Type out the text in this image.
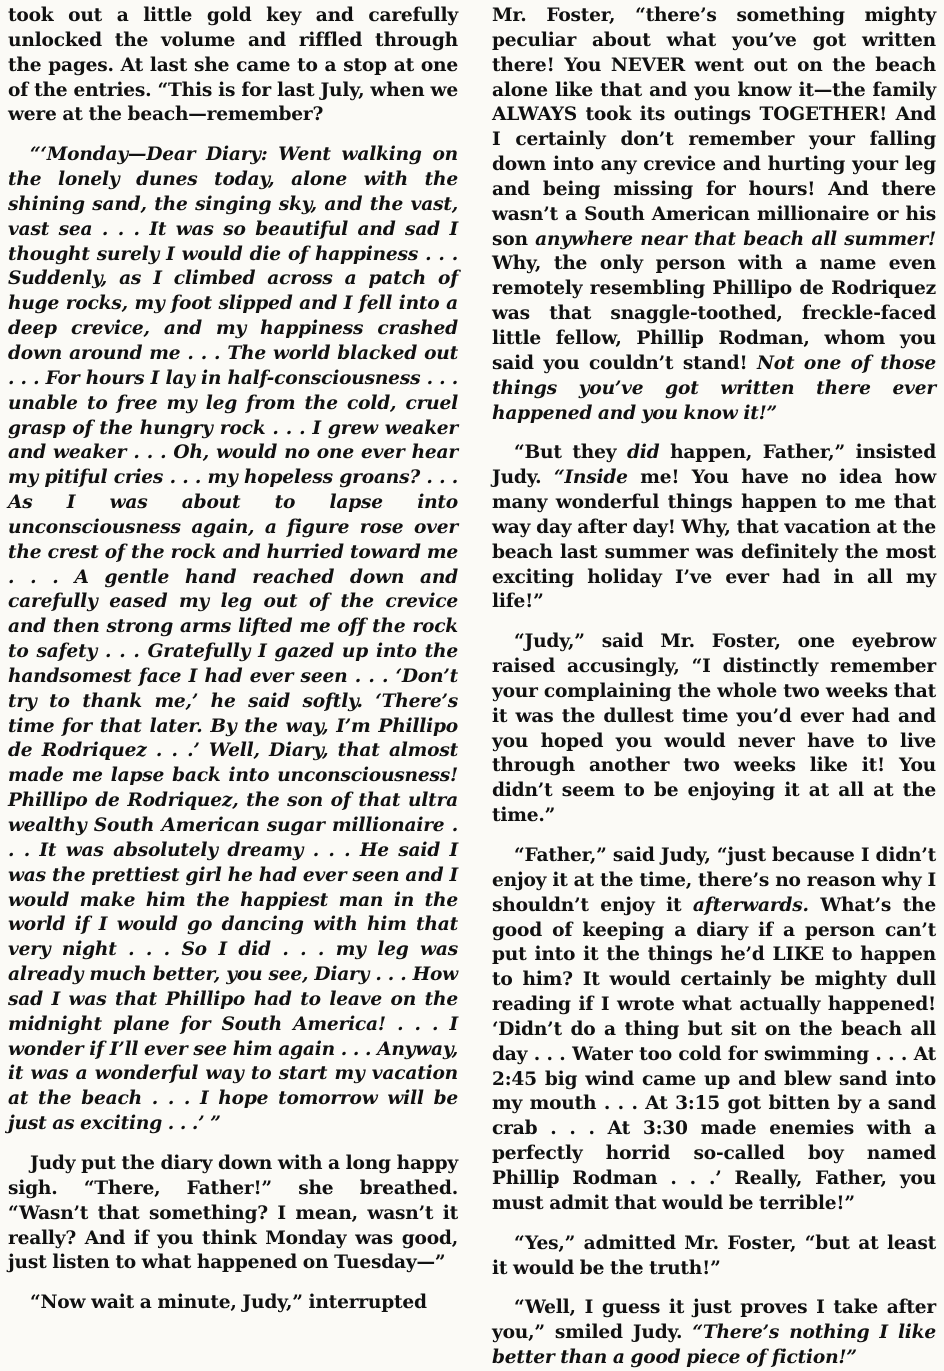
took out a little gold key and carefully unlocked the volume and riffled through the pages. At last she came to a stop at one of the entries. “This is for last July, when we were at the beach—remember?

“‘Monday—Dear Diary: Went walking on the lonely dunes today, alone with the shining sand, the singing sky, and the vast, vast sea . . . It was so beautiful and sad I thought surely I would die of happiness . . . Suddenly, as I climbed across a patch of huge rocks, my foot slipped and I fell into a deep crevice, and my happiness crashed down around me . . . The world blacked out . . . For hours I lay in half-consciousness . . . unable to free my leg from the cold, cruel grasp of the hungry rock . . . I grew weaker and weaker . . . Oh, would no one ever hear my pitiful cries . . . my hopeless groans? . . . As I was about to lapse into unconsciousness again, a figure rose over the crest of the rock and hurried toward me . . . A gentle hand reached down and carefully eased my leg out of the crevice and then strong arms lifted me off the rock to safety . . . Gratefully I gazed up into the handsomest face I had ever seen . . . ‘Don’t try to thank me,’ he said softly. ‘There’s time for that later. By the way, I’m Phillipo de Rodriquez . . .’ Well, Diary, that almost made me lapse back into unconsciousness! Phillipo de Rodriquez, the son of that ultra wealthy South American sugar millionaire . . . It was absolutely dreamy . . . He said I was the prettiest girl he had ever seen and I would make him the happiest man in the world if I would go dancing with him that very night . . . So I did . . . my leg was already much better, you see, Diary . . . How sad I was that Phillipo had to leave on the midnight plane for South America! . . . I wonder if I’ll ever see him again . . . Anyway, it was a wonderful way to start my vacation at the beach . . . I hope tomorrow will be just as exciting . . .’ ”

Judy put the diary down with a long happy sigh. “There, Father!” she breathed. “Wasn’t that something? I mean, wasn’t it really? And if you think Monday was good, just listen to what happened on Tuesday—”

“Now wait a minute, Judy,” interrupted

Mr. Foster, “there’s something mighty peculiar about what you’ve got written there! You NEVER went out on the beach alone like that and you know it—the family ALWAYS took its outings TOGETHER! And I certainly don’t remember your falling down into any crevice and hurting your leg and being missing for hours! And there wasn’t a South American millionaire or his son anywhere near that beach all summer! Why, the only person with a name even remotely resembling Phillipo de Rodriquez was that snaggle-toothed, freckle-faced little fellow, Phillip Rodman, whom you said you couldn’t stand! Not one of those things you’ve got written there ever happened and you know it!”

“But they did happen, Father,” insisted Judy. “Inside me! You have no idea how many wonderful things happen to me that way day after day! Why, that vacation at the beach last summer was definitely the most exciting holiday I’ve ever had in all my life!”

“Judy,” said Mr. Foster, one eyebrow raised accusingly, “I distinctly remember your complaining the whole two weeks that it was the dullest time you’d ever had and you hoped you would never have to live through another two weeks like it! You didn’t seem to be enjoying it at all at the time.”

“Father,” said Judy, “just because I didn’t enjoy it at the time, there’s no reason why I shouldn’t enjoy it afterwards. What’s the good of keeping a diary if a person can’t put into it the things he’d LIKE to happen to him? It would certainly be mighty dull reading if I wrote what actually happened! ‘Didn’t do a thing but sit on the beach all day . . . Water too cold for swimming . . . At 2:45 big wind came up and blew sand into my mouth . . . At 3:15 got bitten by a sand crab . . . At 3:30 made enemies with a perfectly horrid so-called boy named Phillip Rodman . . .’ Really, Father, you must admit that would be terrible!”

“Yes,” admitted Mr. Foster, “but at least it would be the truth!”

“Well, I guess it just proves I take after you,” smiled Judy. “There’s nothing I like better than a good piece of fiction!”
